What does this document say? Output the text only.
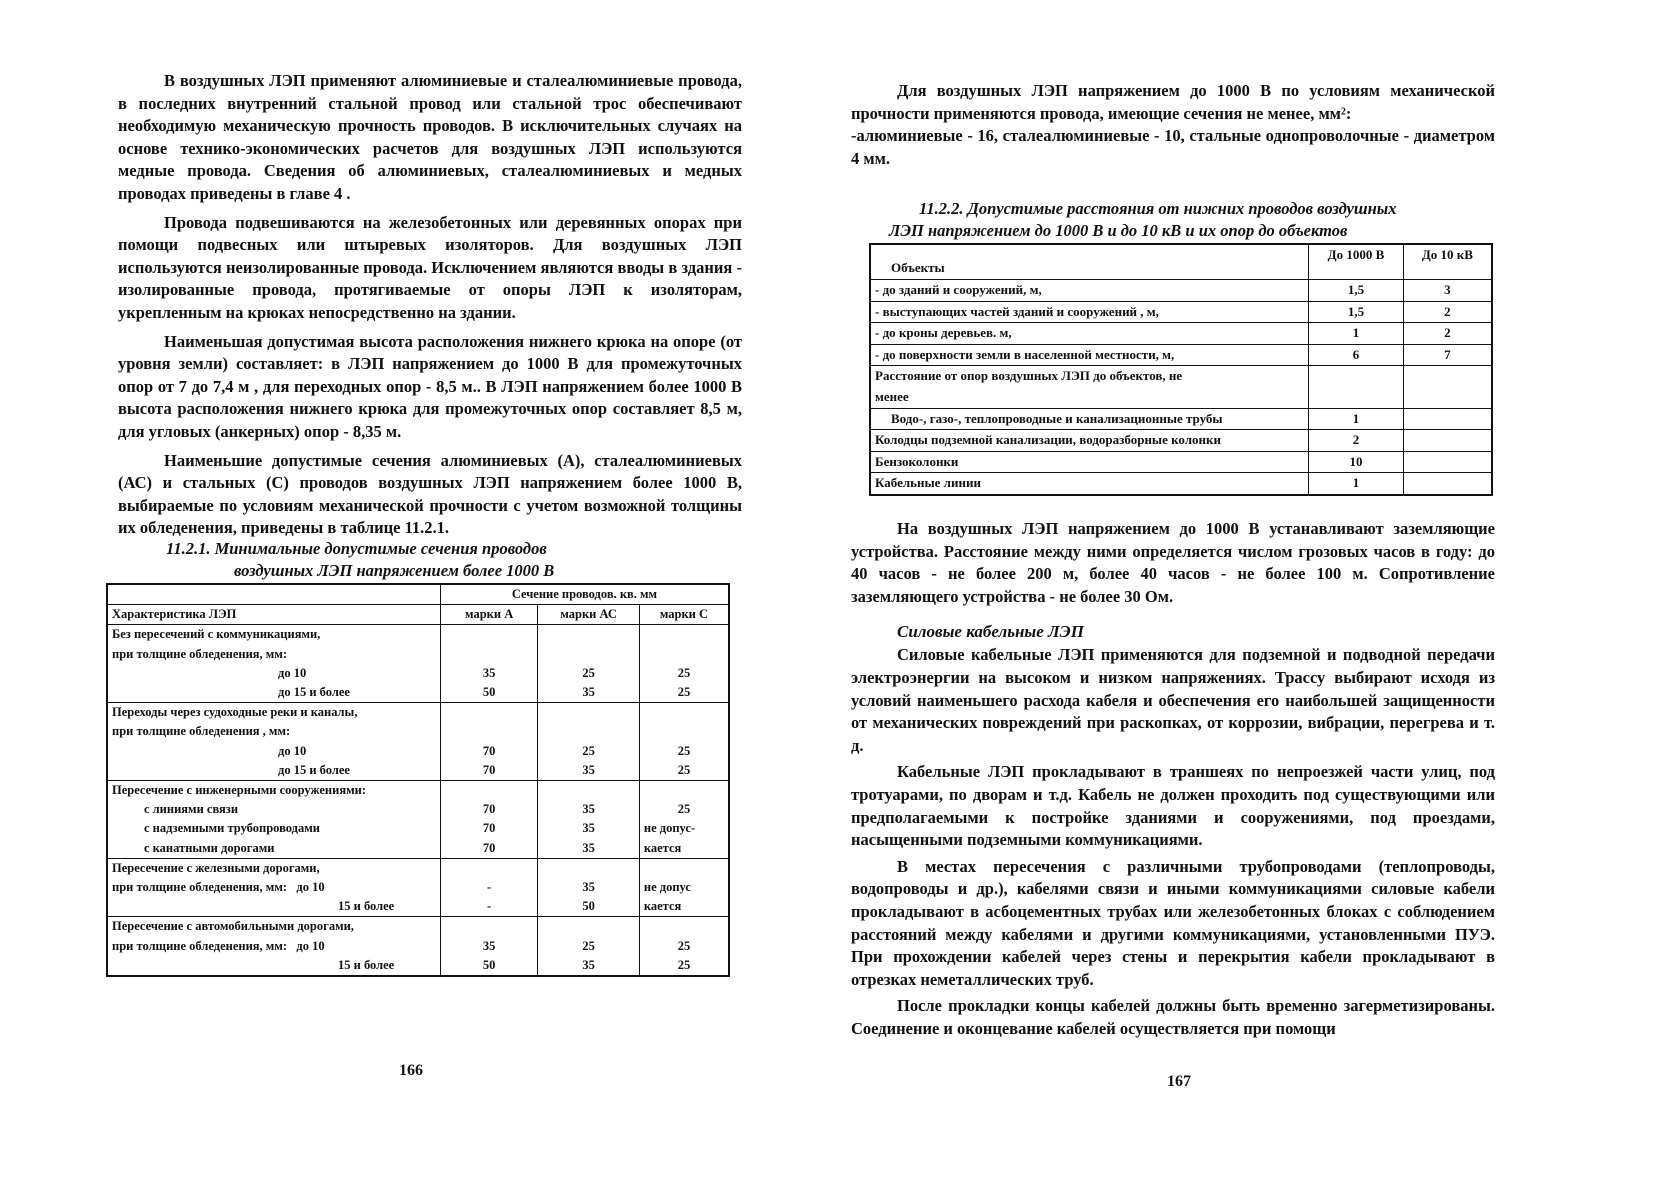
В воздушных ЛЭП применяют алюминиевые и сталеалюминиевые провода, в последних внутренний стальной провод или стальной трос обеспечивают необходимую механическую прочность проводов. В исключительных случаях на основе технико-экономических расчетов для воздушных ЛЭП используются медные провода. Сведения об алюминиевых, сталеалюминиевых и медных проводах приведены в главе 4 .

Провода подвешиваются на железобетонных или деревянных опорах при помощи подвесных или штыревых изоляторов. Для воздушных ЛЭП используются неизолированные провода. Исключением являются вводы в здания - изолированные провода, протягиваемые от опоры ЛЭП к изоляторам, укрепленным на крюках непосредственно на здании.

Наименьшая допустимая высота расположения нижнего крюка на опоре (от уровня земли) составляет: в ЛЭП напряжением до 1000 В для промежуточных опор от 7 до 7,4 м , для переходных опор - 8,5 м.. В ЛЭП напряжением более 1000 В высота расположения нижнего крюка для промежуточных опор составляет 8,5 м, для угловых (анкерных) опор - 8,35 м.

Наименьшие допустимые сечения алюминиевых (А), сталеалюминиевых (АС) и стальных (С) проводов воздушных ЛЭП напряжением более 1000 В, выбираемые по условиям механической прочности с учетом возможной толщины их обледенения, приведены в таблице 11.2.1.

11.2.1. Минимальные допустимые сечения проводов
воздушных ЛЭП напряжением более 1000 В
	Сечение проводов. кв. мм		
Характеристика ЛЭП	марки А	марки АС	марки С
Без пересечений с коммуникациями,			
при толщине обледенения, мм:			
до 10	35	25	25
до 15 и более	50	35	25
Переходы через судоходные реки и каналы,			
при толщине обледенения , мм:			
до 10	70	25	25
до 15 и более	70	35	25
Пересечение с инженерными сооружениями:			
с линиями связи	70	35	25
с надземными трубопроводами	70	35	не допус-
с канатными дорогами	70	35	кается
Пересечение с железными дорогами,			
при толщине обледенения, мм:   до 10	-	35	не допус
15 и более	-	50	кается
Пересечение с автомобильными дорогами,			
при толщине обледенения, мм:   до 10	35	25	25
15 и более	50	35	25
166

Для воздушных ЛЭП напряжением до 1000 В по условиям механической прочности применяются провода, имеющие сечения не менее, мм²:

-алюминиевые - 16, сталеалюминиевые - 10, стальные однопроволочные - диаметром 4 мм.

11.2.2. Допустимые расстояния от нижних проводов воздушных
ЛЭП напряжением до 1000 В и до 10 кВ и их опор до объектов
Объекты	До 1000 В	До 10 кВ
- до зданий и сооружений, м,	1,5	3
- выступающих частей зданий и сооружений , м,	1,5	2
- до кроны деревьев. м,	1	2
- до поверхности земли в населенной местности, м,	6	7
Расстояние от опор воздушных ЛЭП до объектов, не менее		
Водо-, газо-, теплопроводные и канализационные трубы	1	
Колодцы подземной канализации, водоразборные колонки	2	
Бензоколонки	10	
Кабельные линии	1	

На воздушных ЛЭП напряжением до 1000 В устанавливают заземляющие устройства. Расстояние между ними определяется числом грозовых часов в году: до 40 часов - не более 200 м, более 40 часов - не более 100 м. Сопротивление заземляющего устройства - не более 30 Ом.

Силовые кабельные ЛЭП

Силовые кабельные ЛЭП применяются для подземной и подводной передачи электроэнергии на высоком и низком напряжениях. Трассу выбирают исходя из условий наименьшего расхода кабеля и обеспечения его наибольшей защищенности от механических повреждений при раскопках, от коррозии, вибрации, перегрева и т. д.

Кабельные ЛЭП прокладывают в траншеях по непроезжей части улиц, под тротуарами, по дворам и т.д. Кабель не должен проходить под существующими или предполагаемыми к постройке зданиями и сооружениями, под проездами, насыщенными подземными коммуникациями.

В местах пересечения с различными трубопроводами (теплопроводы, водопроводы и др.), кабелями связи и иными коммуникациями силовые кабели прокладывают в асбоцементных трубах или железобетонных блоках с соблюдением расстояний между кабелями и другими коммуникациями, установленными ПУЭ. При прохождении кабелей через стены и перекрытия кабели прокладывают в отрезках неметаллических труб.

После прокладки концы кабелей должны быть временно загерметизированы. Соединение и оконцевание кабелей осуществляется при помощи

167
